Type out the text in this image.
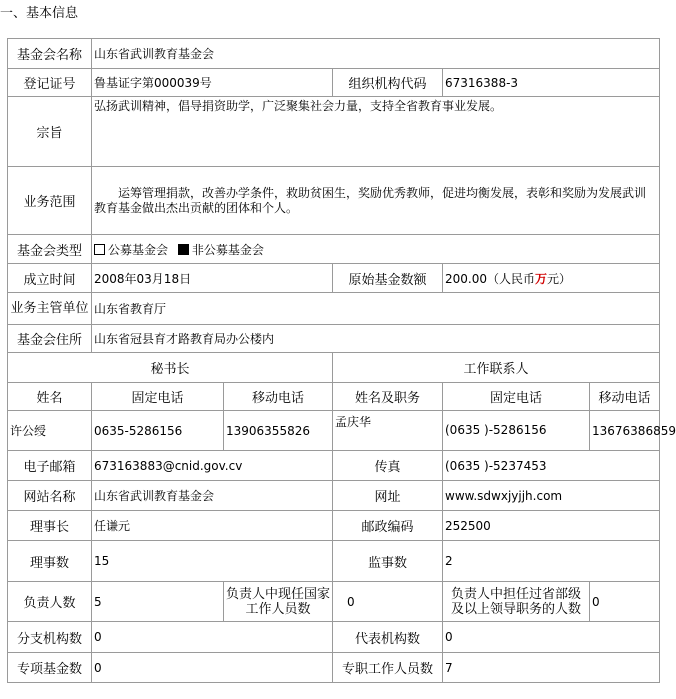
一、基本信息
基金会名称	山东省武训教育基金会				
登记证号	鲁基证字第000039号		组织机构代码	67316388-3	
宗旨	弘扬武训精神，倡导捐资助学，广泛聚集社会力量，支持全省教育事业发展。				
业务范围	运筹管理捐款，改善办学条件，救助贫困生，奖励优秀教师，促进均衡发展，表彰和奖励为发展武训教育基金做出杰出贡献的团体和个人。				
基金会类型	公募基金会 非公募基金会				
成立时间	2008年03月18日		原始基金数额	200.00（人民币万元）	
业务主管单位	山东省教育厅				
基金会住所	山东省冠县育才路教育局办公楼内				
秘书长			工作联系人		
姓名	固定电话	移动电话	姓名及职务	固定电话	移动电话
许公绶	0635-5286156	13906355826	孟庆华	(0635 )-5286156	13676386859
电子邮箱	673163883@cnid.gov.cv		传真	(0635 )-5237453	
网站名称	山东省武训教育基金会		网址	www.sdwxjyjjh.com	
理事长	任谦元		邮政编码	252500	
理事数	15		监事数	2	
负责人数	5	负责人中现任国家工作人员数	0	负责人中担任过省部级及以上领导职务的人数	0
分支机构数	0		代表机构数	0	
专项基金数	0		专职工作人员数	7	
